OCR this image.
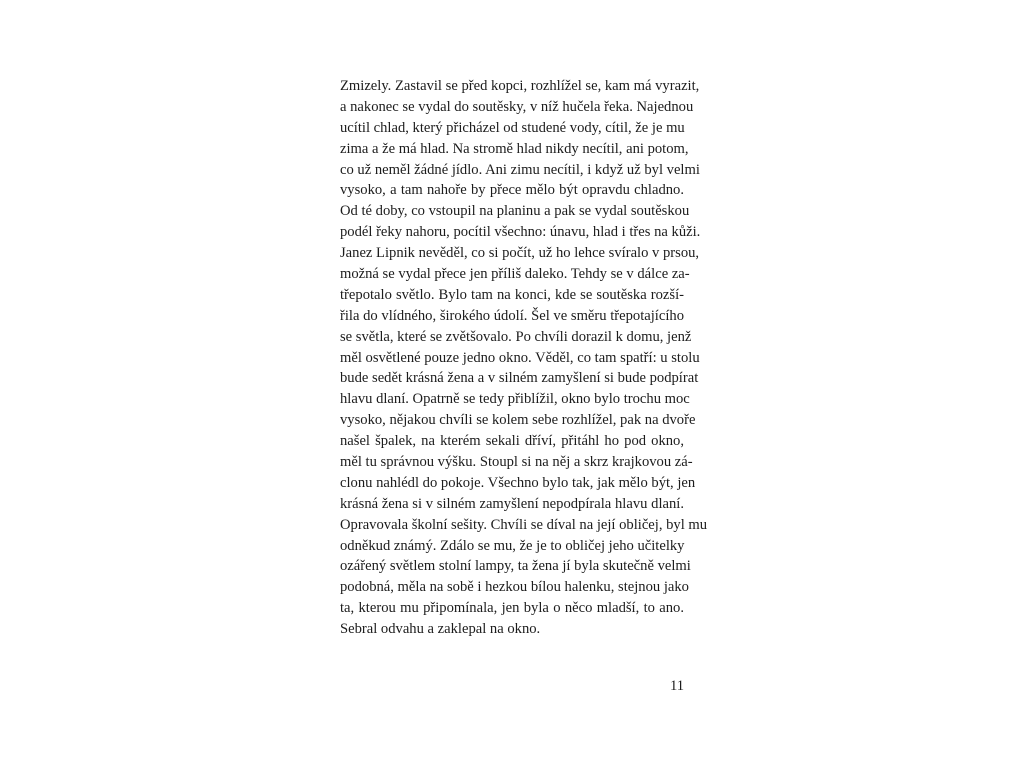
Zmizely. Zastavil se před kopci, rozhlížel se, kam má vyrazit,
a nakonec se vydal do soutěsky, v níž hučela řeka. Najednou
ucítil chlad, který přicházel od studené vody, cítil, že je mu
zima a že má hlad. Na stromě hlad nikdy necítil, ani potom,
co už neměl žádné jídlo. Ani zimu necítil, i když už byl velmi
vysoko, a tam nahoře by přece mělo být opravdu chladno.
Od té doby, co vstoupil na planinu a pak se vydal soutěskou
podél řeky nahoru, pocítil všechno: únavu, hlad i třes na kůži.
Janez Lipnik nevěděl, co si počít, už ho lehce svíralo v prsou,
možná se vydal přece jen příliš daleko. Tehdy se v dálce za-
třepotalo světlo. Bylo tam na konci, kde se soutěska rozší-
řila do vlídného, širokého údolí. Šel ve směru třepotajícího
se světla, které se zvětšovalo. Po chvíli dorazil k domu, jenž
měl osvětlené pouze jedno okno. Věděl, co tam spatří: u stolu
bude sedět krásná žena a v silném zamyšlení si bude podpírat
hlavu dlaní. Opatrně se tedy přiblížil, okno bylo trochu moc
vysoko, nějakou chvíli se kolem sebe rozhlížel, pak na dvoře
našel špalek, na kterém sekali dříví, přitáhl ho pod okno,
měl tu správnou výšku. Stoupl si na něj a skrz krajkovou zá-
clonu nahlédl do pokoje. Všechno bylo tak, jak mělo být, jen
krásná žena si v silném zamyšlení nepodpírala hlavu dlaní.
Opravovala školní sešity. Chvíli se díval na její obličej, byl mu
odněkud známý. Zdálo se mu, že je to obličej jeho učitelky
ozářený světlem stolní lampy, ta žena jí byla skutečně velmi
podobná, měla na sobě i hezkou bílou halenku, stejnou jako
ta, kterou mu připomínala, jen byla o něco mladší, to ano.
Sebral odvahu a zaklepal na okno.
11
